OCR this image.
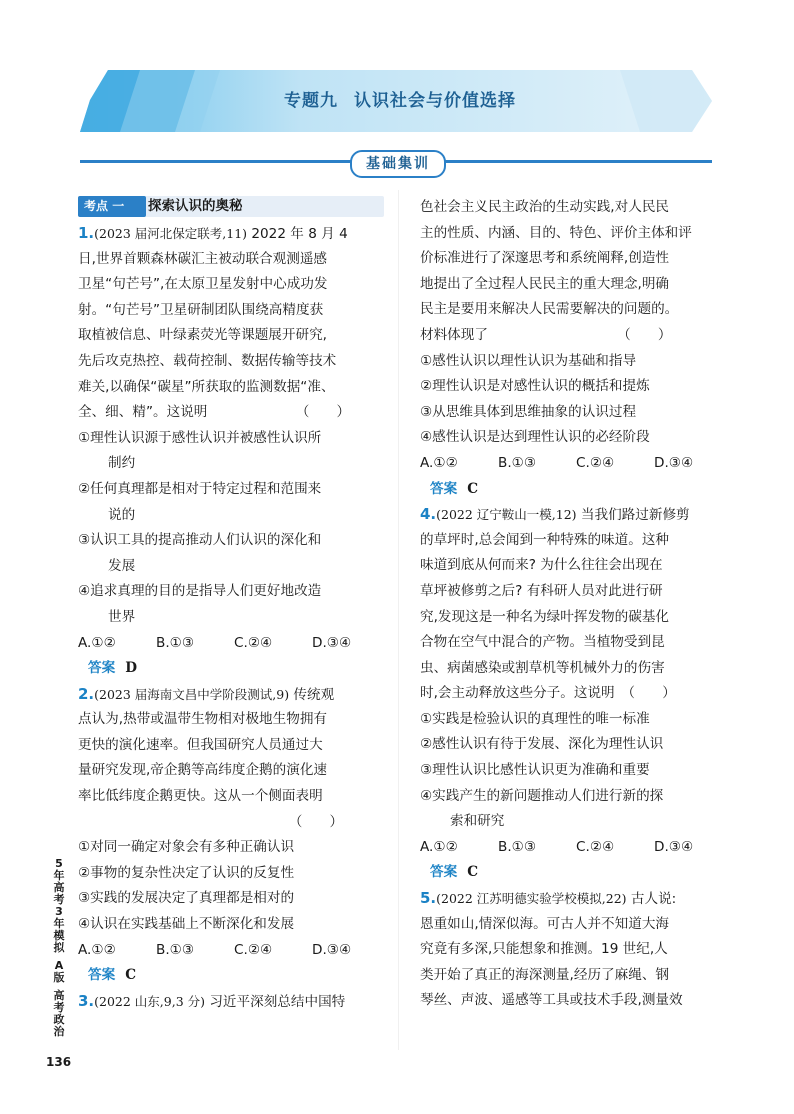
专题九 认识社会与价值选择
基础集训
考点 一	探索认识的奥秘
1.(2023 届河北保定联考,11) 2022 年 8 月 4
日,世界首颗森林碳汇主被动联合观测遥感
卫星“句芒号”,在太原卫星发射中心成功发
射。“句芒号”卫星研制团队围绕高精度获
取植被信息、叶绿素荧光等课题展开研究,
先后攻克热控、载荷控制、数据传输等技术
难关,以确保“碳星”所获取的监测数据“准、
全、细、精”。这说明　　　　　　　（　　）
①理性认识源于感性认识并被感性认识所
制约
②任何真理都是相对于特定过程和范围来
说的
③认识工具的提高推动人们认识的深化和
发展
④追求真理的目的是指导人们更好地改造
世界
A.①②	B.①③	C.②④	D.③④
答案 D
2.(2023 届海南文昌中学阶段测试,9) 传统观
点认为,热带或温带生物相对极地生物拥有
更快的演化速率。但我国研究人员通过大
量研究发现,帝企鹅等高纬度企鹅的演化速
率比低纬度企鹅更快。这从一个侧面表明
　　　　　　　　　　　　　　　　（　　）
①对同一确定对象会有多种正确认识
②事物的复杂性决定了认识的反复性
③实践的发展决定了真理都是相对的
④认识在实践基础上不断深化和发展
A.①②	B.①③	C.②④	D.③④
答案 C
3.(2022 山东,9,3 分) 习近平深刻总结中国特
色社会主义民主政治的生动实践,对人民民
主的性质、内涵、目的、特色、评价主体和评
价标准进行了深邃思考和系统阐释,创造性
地提出了全过程人民民主的重大理念,明确
民主是要用来解决人民需要解决的问题的。
材料体现了　　　　　　　　　　（　　）
①感性认识以理性认识为基础和指导
②理性认识是对感性认识的概括和提炼
③从思维具体到思维抽象的认识过程
④感性认识是达到理性认识的必经阶段
A.①②	B.①③	C.②④	D.③④
答案 C
4.(2022 辽宁鞍山一模,12) 当我们路过新修剪
的草坪时,总会闻到一种特殊的味道。这种
味道到底从何而来? 为什么往往会出现在
草坪被修剪之后? 有科研人员对此进行研
究,发现这是一种名为绿叶挥发物的碳基化
合物在空气中混合的产物。当植物受到昆
虫、病菌感染或割草机等机械外力的伤害
时,会主动释放这些分子。这说明　（　　）
①实践是检验认识的真理性的唯一标准
②感性认识有待于发展、深化为理性认识
③理性认识比感性认识更为准确和重要
④实践产生的新问题推动人们进行新的探
索和研究
A.①②	B.①③	C.②④	D.③④
答案 C
5.(2022 江苏明德实验学校模拟,22) 古人说:
恩重如山,情深似海。可古人并不知道大海
究竟有多深,只能想象和推测。19 世纪,人
类开始了真正的海深测量,经历了麻绳、钢
琴丝、声波、遥感等工具或技术手段,测量效
5
年
高
考
3
年
模
拟
A
版
高
考
政
治
136
